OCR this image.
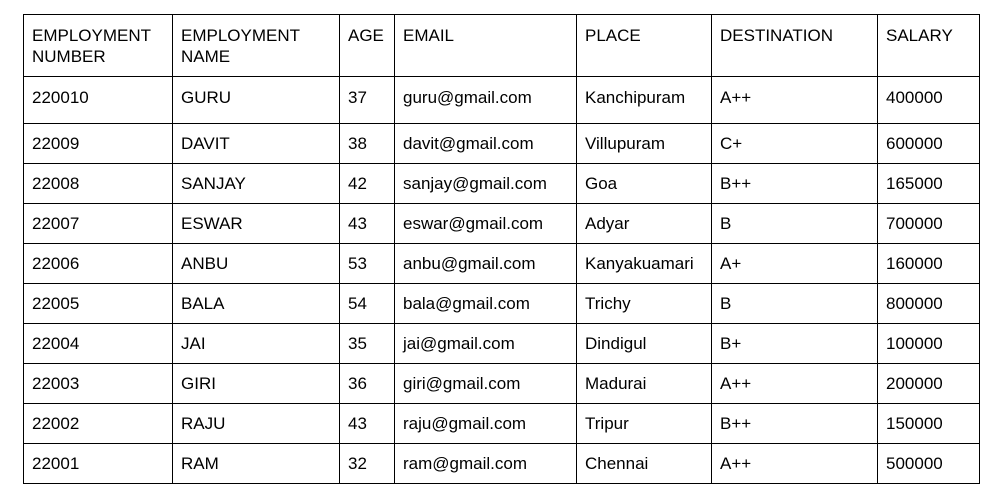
EMPLOYMENT NUMBER	EMPLOYMENT NAME	AGE	EMAIL	PLACE	DESTINATION	SALARY
220010	GURU	37	guru@gmail.com	Kanchipuram	A++	400000
22009	DAVIT	38	davit@gmail.com	Villupuram	C+	600000
22008	SANJAY	42	sanjay@gmail.com	Goa	B++	165000
22007	ESWAR	43	eswar@gmail.com	Adyar	B	700000
22006	ANBU	53	anbu@gmail.com	Kanyakuamari	A+	160000
22005	BALA	54	bala@gmail.com	Trichy	B	800000
22004	JAI	35	jai@gmail.com	Dindigul	B+	100000
22003	GIRI	36	giri@gmail.com	Madurai	A++	200000
22002	RAJU	43	raju@gmail.com	Tripur	B++	150000
22001	RAM	32	ram@gmail.com	Chennai	A++	500000
